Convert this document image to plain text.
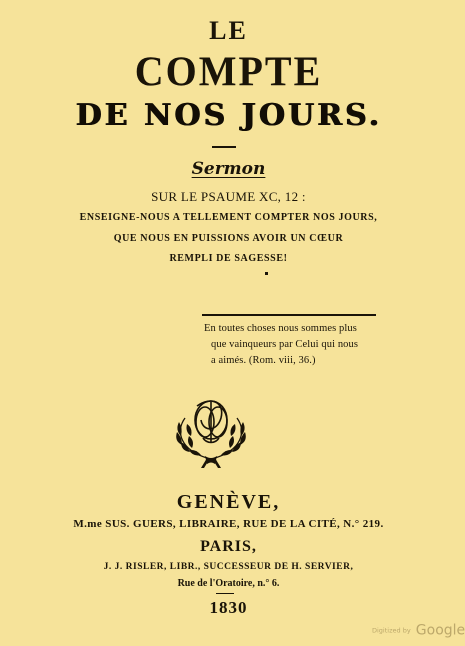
LE
COMPTE
DE NOS JOURS.
Sermon
SUR LE PSAUME XC, 12 :
ENSEIGNE-NOUS A TELLEMENT COMPTER NOS JOURS,
QUE NOUS EN PUISSIONS AVOIR UN CŒUR
REMPLI DE SAGESSE!
En toutes choses nous sommes plus
que vainqueurs par Celui qui nous
a aimés. (Rom. viii, 36.)
GENÈVE,
M.me SUS. GUERS, LIBRAIRE, RUE DE LA CITÉ, N.° 219.
PARIS,
J. J. RISLER, LIBR., SUCCESSEUR DE H. SERVIER,
Rue de l'Oratoire, n.° 6.
1830
Digitized by Google
